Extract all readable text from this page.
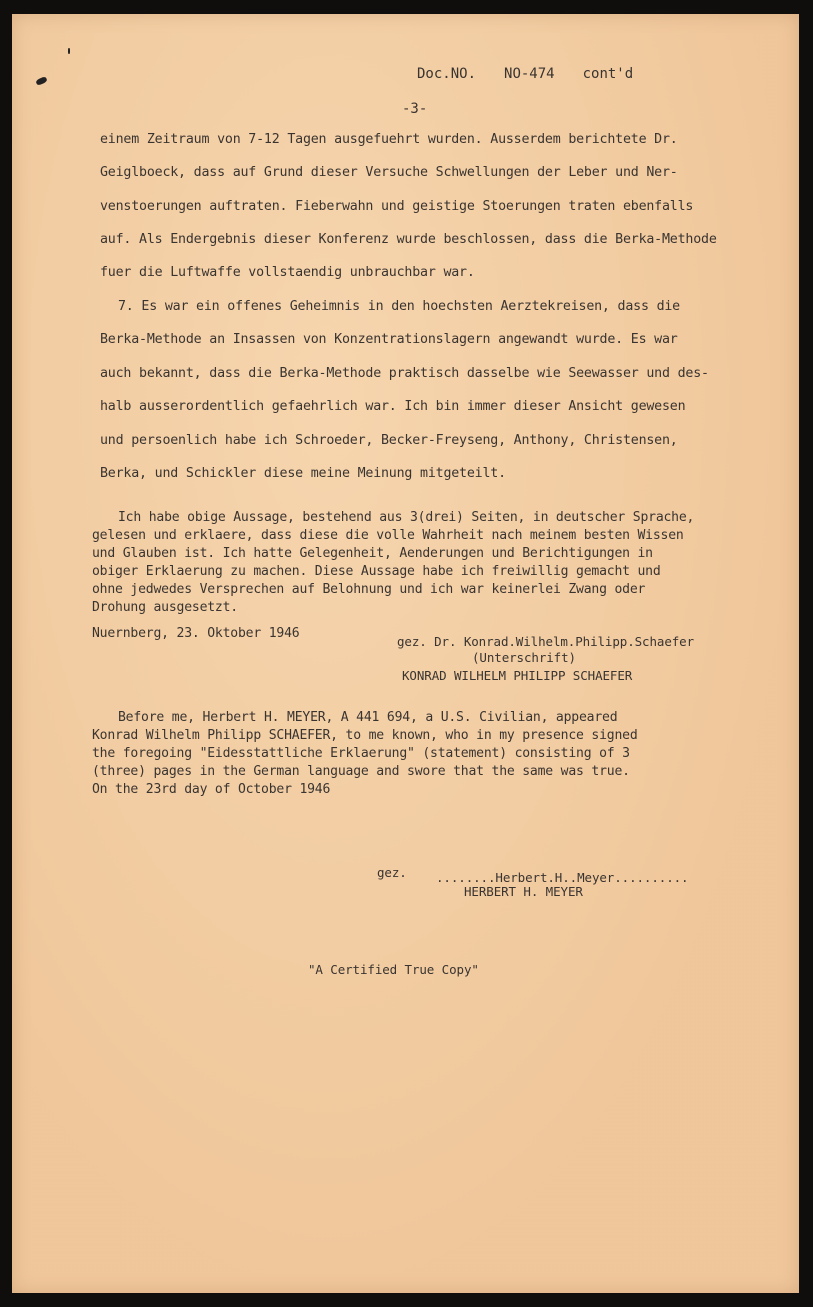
Doc.NO. NO-474 cont'd
-3-
einem Zeitraum von 7-12 Tagen ausgefuehrt wurden. Ausserdem berichtete Dr.
Geiglboeck, dass auf Grund dieser Versuche Schwellungen der Leber und Ner-
venstoerungen auftraten. Fieberwahn und geistige Stoerungen traten ebenfalls
auf. Als Endergebnis dieser Konferenz wurde beschlossen, dass die Berka-Methode
fuer die Luftwaffe vollstaendig unbrauchbar war.
7. Es war ein offenes Geheimnis in den hoechsten Aerztekreisen, dass die
Berka-Methode an Insassen von Konzentrationslagern angewandt wurde. Es war
auch bekannt, dass die Berka-Methode praktisch dasselbe wie Seewasser und des-
halb ausserordentlich gefaehrlich war. Ich bin immer dieser Ansicht gewesen
und persoenlich habe ich Schroeder, Becker-Freyseng, Anthony, Christensen,
Berka, und Schickler diese meine Meinung mitgeteilt.
Ich habe obige Aussage, bestehend aus 3(drei) Seiten, in deutscher Sprache,
gelesen und erklaere, dass diese die volle Wahrheit nach meinem besten Wissen
und Glauben ist. Ich hatte Gelegenheit, Aenderungen und Berichtigungen in
obiger Erklaerung zu machen. Diese Aussage habe ich freiwillig gemacht und
ohne jedwedes Versprechen auf Belohnung und ich war keinerlei Zwang oder
Drohung ausgesetzt.
Nuernberg, 23. Oktober 1946
gez. Dr. Konrad.Wilhelm.Philipp.Schaefer
(Unterschrift)
KONRAD WILHELM PHILIPP SCHAEFER
Before me, Herbert H. MEYER, A 441 694, a U.S. Civilian, appeared
Konrad Wilhelm Philipp SCHAEFER, to me known, who in my presence signed
the foregoing "Eidesstattliche Erklaerung" (statement) consisting of 3
(three) pages in the German language and swore that the same was true.
On the 23rd day of October 1946
gez. ........Herbert.H..Meyer..........
HERBERT H. MEYER
"A Certified True Copy"
